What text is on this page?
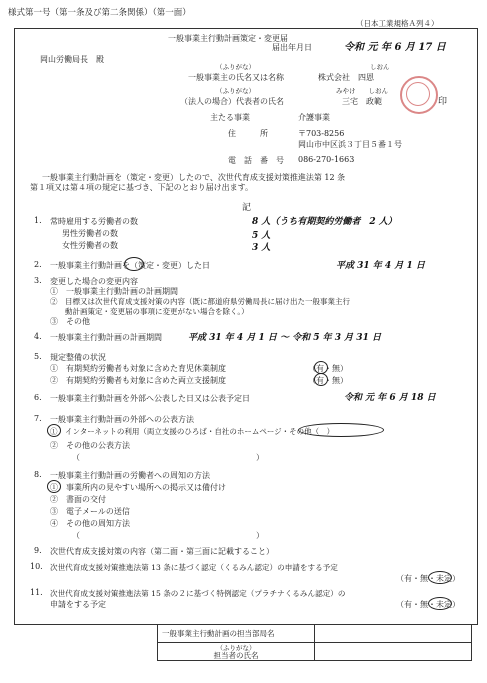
様式第一号（第一条及び第二条関係）（第一面）
（日本工業規格Ａ列４）
一般事業主行動計画策定・変更届
届出年月日	令和 元 年 6 月 17 日
岡山労働局長　殿
（ふりがな）	しおん
一般事業主の氏名又は名称	株式会社　四恩
（ふりがな）	みやけ　　しおん
（法人の場合）代表者の氏名	三宅　政範	印
主たる事業	介護事業
住　　　所	〒703-8256
岡山市中区浜３丁目５番１号
電　話　番　号 086-270-1663
一般事業主行動計画を（策定・変更）したので、次世代育成支援対策推進法第 12 条
第１項又は第４項の規定に基づき、下記のとおり届け出ます。
記
1. 常時雇用する労働者の数	8 人（うち有期契約労働者　2 人）
男性労働者の数	5 人
女性労働者の数	3 人
2. 一般事業主行動計画を（策定・変更）した日	平成 31 年 4 月 1 日
3. 変更した場合の変更内容
①　一般事業主行動計画の計画期間
②　目標又は次世代育成支援対策の内容（既に都道府県労働局長に届け出た一般事業主行
　　動計画策定・変更届の事項に変更がない場合を除く。）
③　その他
4. 一般事業主行動計画の計画期間	平成 31 年 4 月 1 日 ～ 令和 5 年 3 月 31 日
5. 規定整備の状況
①　有期契約労働者も対象に含めた育児休業制度	（有・無）
②　有期契約労働者も対象に含めた両立支援制度	（有・無）
6. 一般事業主行動計画を外部へ公表した日又は公表予定日	令和 元 年 6 月 18 日
7. 一般事業主行動計画の外部への公表方法
①　インターネットの利用（両立支援のひろば・自社のホームページ・その他（　）
②　その他の公表方法
（　　　　　　　　　　　　　　　　　　　　　　）
8. 一般事業主行動計画の労働者への周知の方法
①　事業所内の見やすい場所への掲示又は備付け
②　書面の交付
③　電子メールの送信
④　その他の周知方法
（　　　　　　　　　　　　　　　　　　　　　　）
9. 次世代育成支援対策の内容（第二面・第三面に記載すること）
10. 次世代育成支援対策推進法第 13 条に基づく認定（くるみん認定）の申請をする予定
（有・無・未定）
11. 次世代育成支援対策推進法第 15 条の２に基づく特例認定（プラチナくるみん認定）の
申請をする予定	（有・無・未定）
一般事業主行動計画の担当部局名	
（ふりがな）
担当者の氏名	
